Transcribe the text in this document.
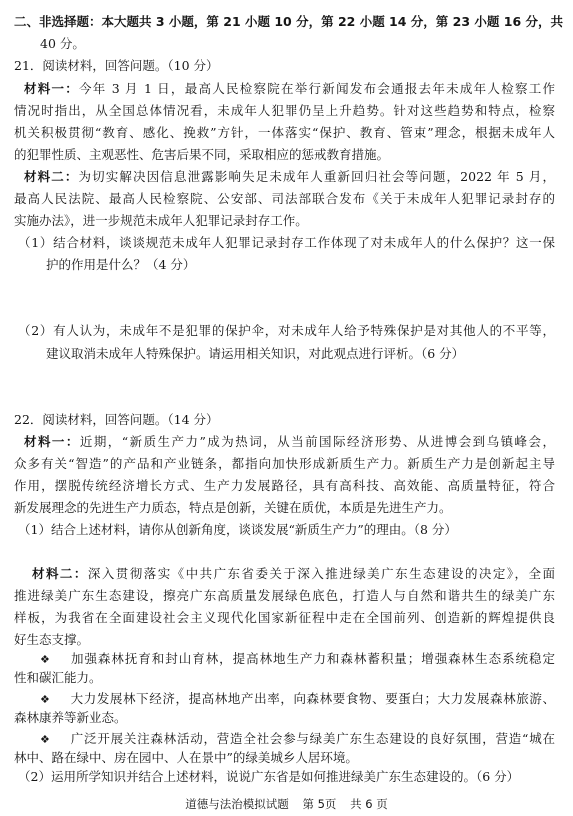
二、非选择题：本大题共 3 小题，第 21 小题 10 分，第 22 小题 14 分，第 23 小题 16 分，共
40 分。
21．阅读材料，回答问题。（10 分）
材料一：今年 3 月 1 日，最高人民检察院在举行新闻发布会通报去年未成年人检察工作
情况时指出，从全国总体情况看，未成年人犯罪仍呈上升趋势。针对这些趋势和特点，检察
机关积极贯彻“教育、感化、挽救”方针，一体落实“保护、教育、管束”理念，根据未成年人
的犯罪性质、主观恶性、危害后果不同，采取相应的惩戒教育措施。
材料二：为切实解决因信息泄露影响失足未成年人重新回归社会等问题，2022 年 5 月，
最高人民法院、最高人民检察院、公安部、司法部联合发布《关于未成年人犯罪记录封存的
实施办法》，进一步规范未成年人犯罪记录封存工作。
（1）结合材料，谈谈规范未成年人犯罪记录封存工作体现了对未成年人的什么保护？这一保
护的作用是什么？（4 分）
（2）有人认为，未成年不是犯罪的保护伞，对未成年人给予特殊保护是对其他人的不平等，
建议取消未成年人特殊保护。请运用相关知识，对此观点进行评析。（6 分）
22．阅读材料，回答问题。（14 分）
材料一：近期，“新质生产力”成为热词，从当前国际经济形势、从进博会到乌镇峰会，
众多有关“智造”的产品和产业链条，都指向加快形成新质生产力。新质生产力是创新起主导
作用，摆脱传统经济增长方式、生产力发展路径，具有高科技、高效能、高质量特征，符合
新发展理念的先进生产力质态，特点是创新，关键在质优，本质是先进生产力。
（1）结合上述材料，请你从创新角度，谈谈发展“新质生产力”的理由。（8 分）
材料二：深入贯彻落实《中共广东省委关于深入推进绿美广东生态建设的决定》，全面
推进绿美广东生态建设，擦亮广东高质量发展绿色底色，打造人与自然和谐共生的绿美广东
样板，为我省在全面建设社会主义现代化国家新征程中走在全国前列、创造新的辉煌提供良
好生态支撑。
❖ 加强森林抚育和封山育林，提高林地生产力和森林蓄积量；增强森林生态系统稳定
性和碳汇能力。
❖ 大力发展林下经济，提高林地产出率，向森林要食物、要蛋白；大力发展森林旅游、
森林康养等新业态。
❖ 广泛开展关注森林活动，营造全社会参与绿美广东生态建设的良好氛围，营造“城在
林中、路在绿中、房在园中、人在景中”的绿美城乡人居环境。
道德与法治模拟试题 第 5页 共 6 页
（2）运用所学知识并结合上述材料，说说广东省是如何推进绿美广东生态建设的。（6 分）
